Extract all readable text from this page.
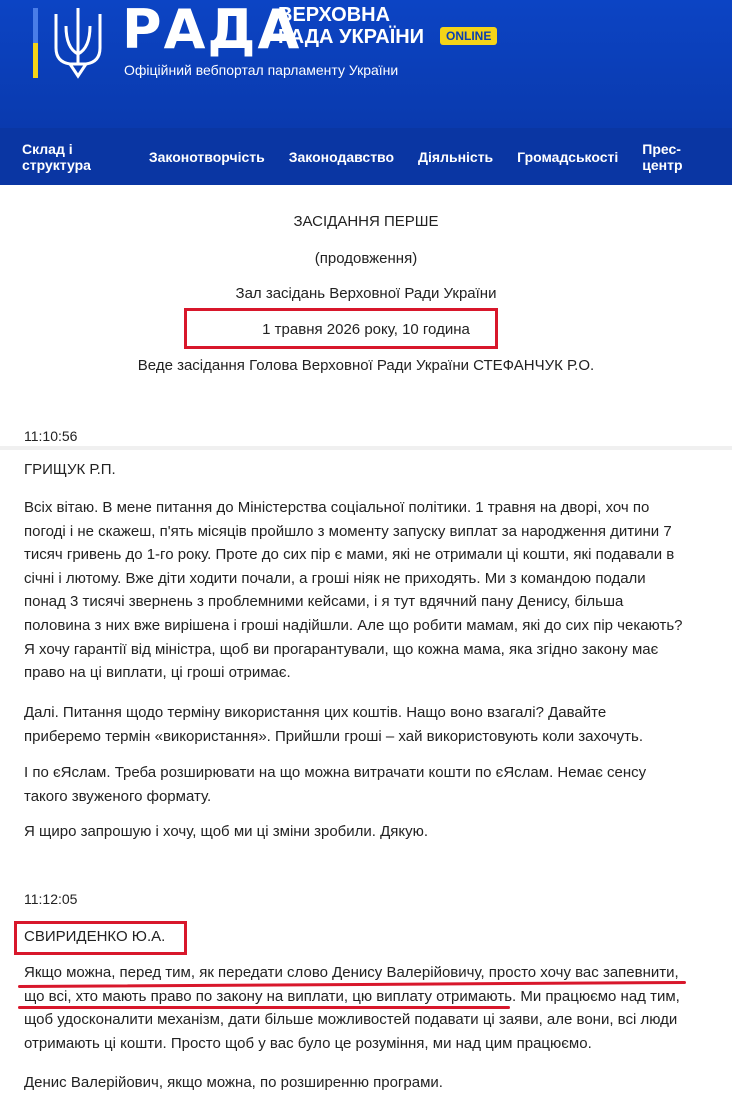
РАДА
ВЕРХОВНА
РАДА УКРАЇНИ	ONLINE
Офіційний вебпортал парламенту України
Склад і структура	Законотворчість Законодавство Діяльність Громадськості Прес-центр
ЗАСІДАННЯ ПЕРШЕ
(продовження)
Зал засідань Верховної Ради України
1 травня 2026 року, 10 година
Веде засідання Голова Верховної Ради України СТЕФАНЧУК Р.О.
11:10:56
ГРИЩУК Р.П.

Всіх вітаю. В мене питання до Міністерства соціальної політики. 1 травня на дворі, хоч по погоді і не скажеш, п'ять місяців пройшло з моменту запуску виплат за народження дитини 7 тисяч гривень до 1-го року. Проте до сих пір є мами, які не отримали ці кошти, які подавали в січні і лютому. Вже діти ходити почали, а гроші ніяк не приходять. Ми з командою подали понад 3 тисячі звернень з проблемними кейсами, і я тут вдячний пану Денису, більша половина з них вже вирішена і гроші надійшли. Але що робити мамам, які до сих пір чекають? Я хочу гарантії від міністра, щоб ви прогарантували, що кожна мама, яка згідно закону має право на ці виплати, ці гроші отримає.

Далі. Питання щодо терміну використання цих коштів. Нащо воно взагалі? Давайте приберемо термін «використання». Прийшли гроші – хай використовують коли захочуть.

І по єЯслам. Треба розширювати на що можна витрачати кошти по єЯслам. Немає сенсу такого звуженого формату.

Я щиро запрошую і хочу, щоб ми ці зміни зробили. Дякую.

11:12:05
СВИРИДЕНКО Ю.А.

Якщо можна, перед тим, як передати слово Денису Валерійовичу, просто хочу вас запевнити, що всі, хто мають право по закону на виплати, цю виплату отримають. Ми працюємо над тим, щоб удосконалити механізм, дати більше можливостей подавати ці заяви, але вони, всі люди отримають ці кошти. Просто щоб у вас було це розуміння, ми над цим працюємо.

Денис Валерійович, якщо можна, по розширенню програми.
